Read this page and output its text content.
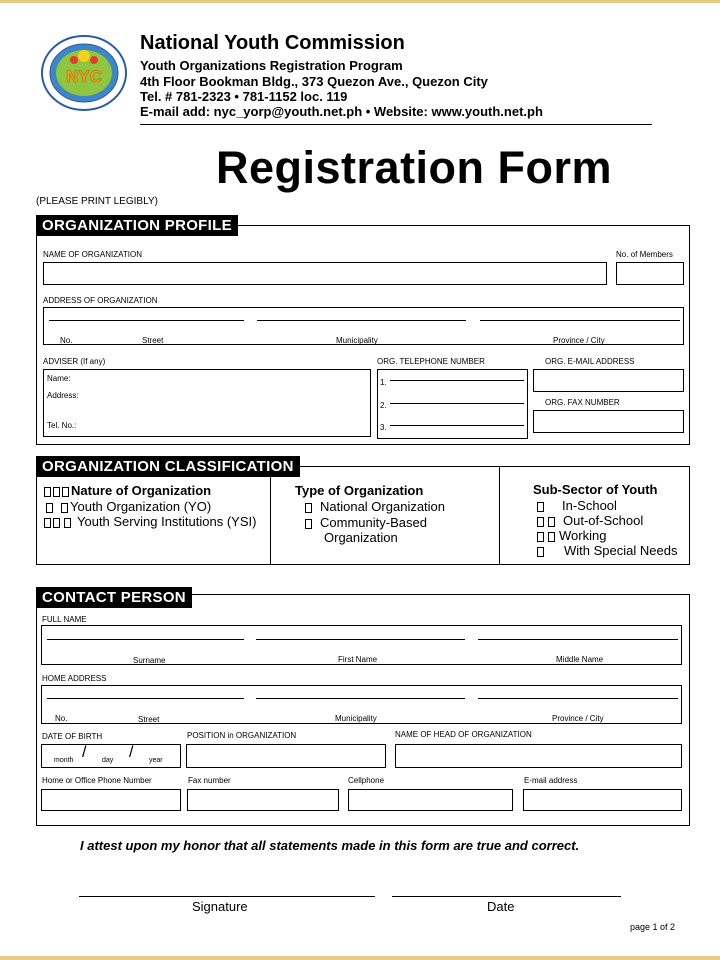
NYC
National Youth Commission
Youth Organizations Registration Program
4th Floor Bookman Bldg., 373 Quezon Ave., Quezon City
Tel. # 781-2323 • 781-1152 loc. 119
E-mail add: nyc_yorp@youth.net.ph • Website: www.youth.net.ph
Registration Form
(PLEASE PRINT LEGIBLY)
ORGANIZATION PROFILE
NAME OF ORGANIZATION	No. of Members
ADDRESS OF ORGANIZATION
No.	Street	Municipality	Province / City
ADVISER (If any)
Name:
Address:
Tel. No.:
ORG. TELEPHONE NUMBER
1.
2.
3.
ORG. E-MAIL ADDRESS
ORG. FAX NUMBER
ORGANIZATION CLASSIFICATION
Nature of Organization
Youth Organization (YO)
Youth Serving Institutions (YSI)
Type of Organization
National Organization
Community-Based
Organization
Sub-Sector of Youth
In-School
Out-of-School
Working
With Special Needs
CONTACT PERSON
FULL NAME
Surname	First Name	Middle Name
HOME ADDRESS
No.	Street	Municipality	Province / City
DATE OF BIRTH
month / day / year
POSITION in ORGANIZATION	NAME OF HEAD OF ORGANIZATION
Home or Office Phone Number	Fax number	Cellphone	E-mail address
I attest upon my honor that all statements made in this form are true and correct.
Signature	Date
page 1 of 2
